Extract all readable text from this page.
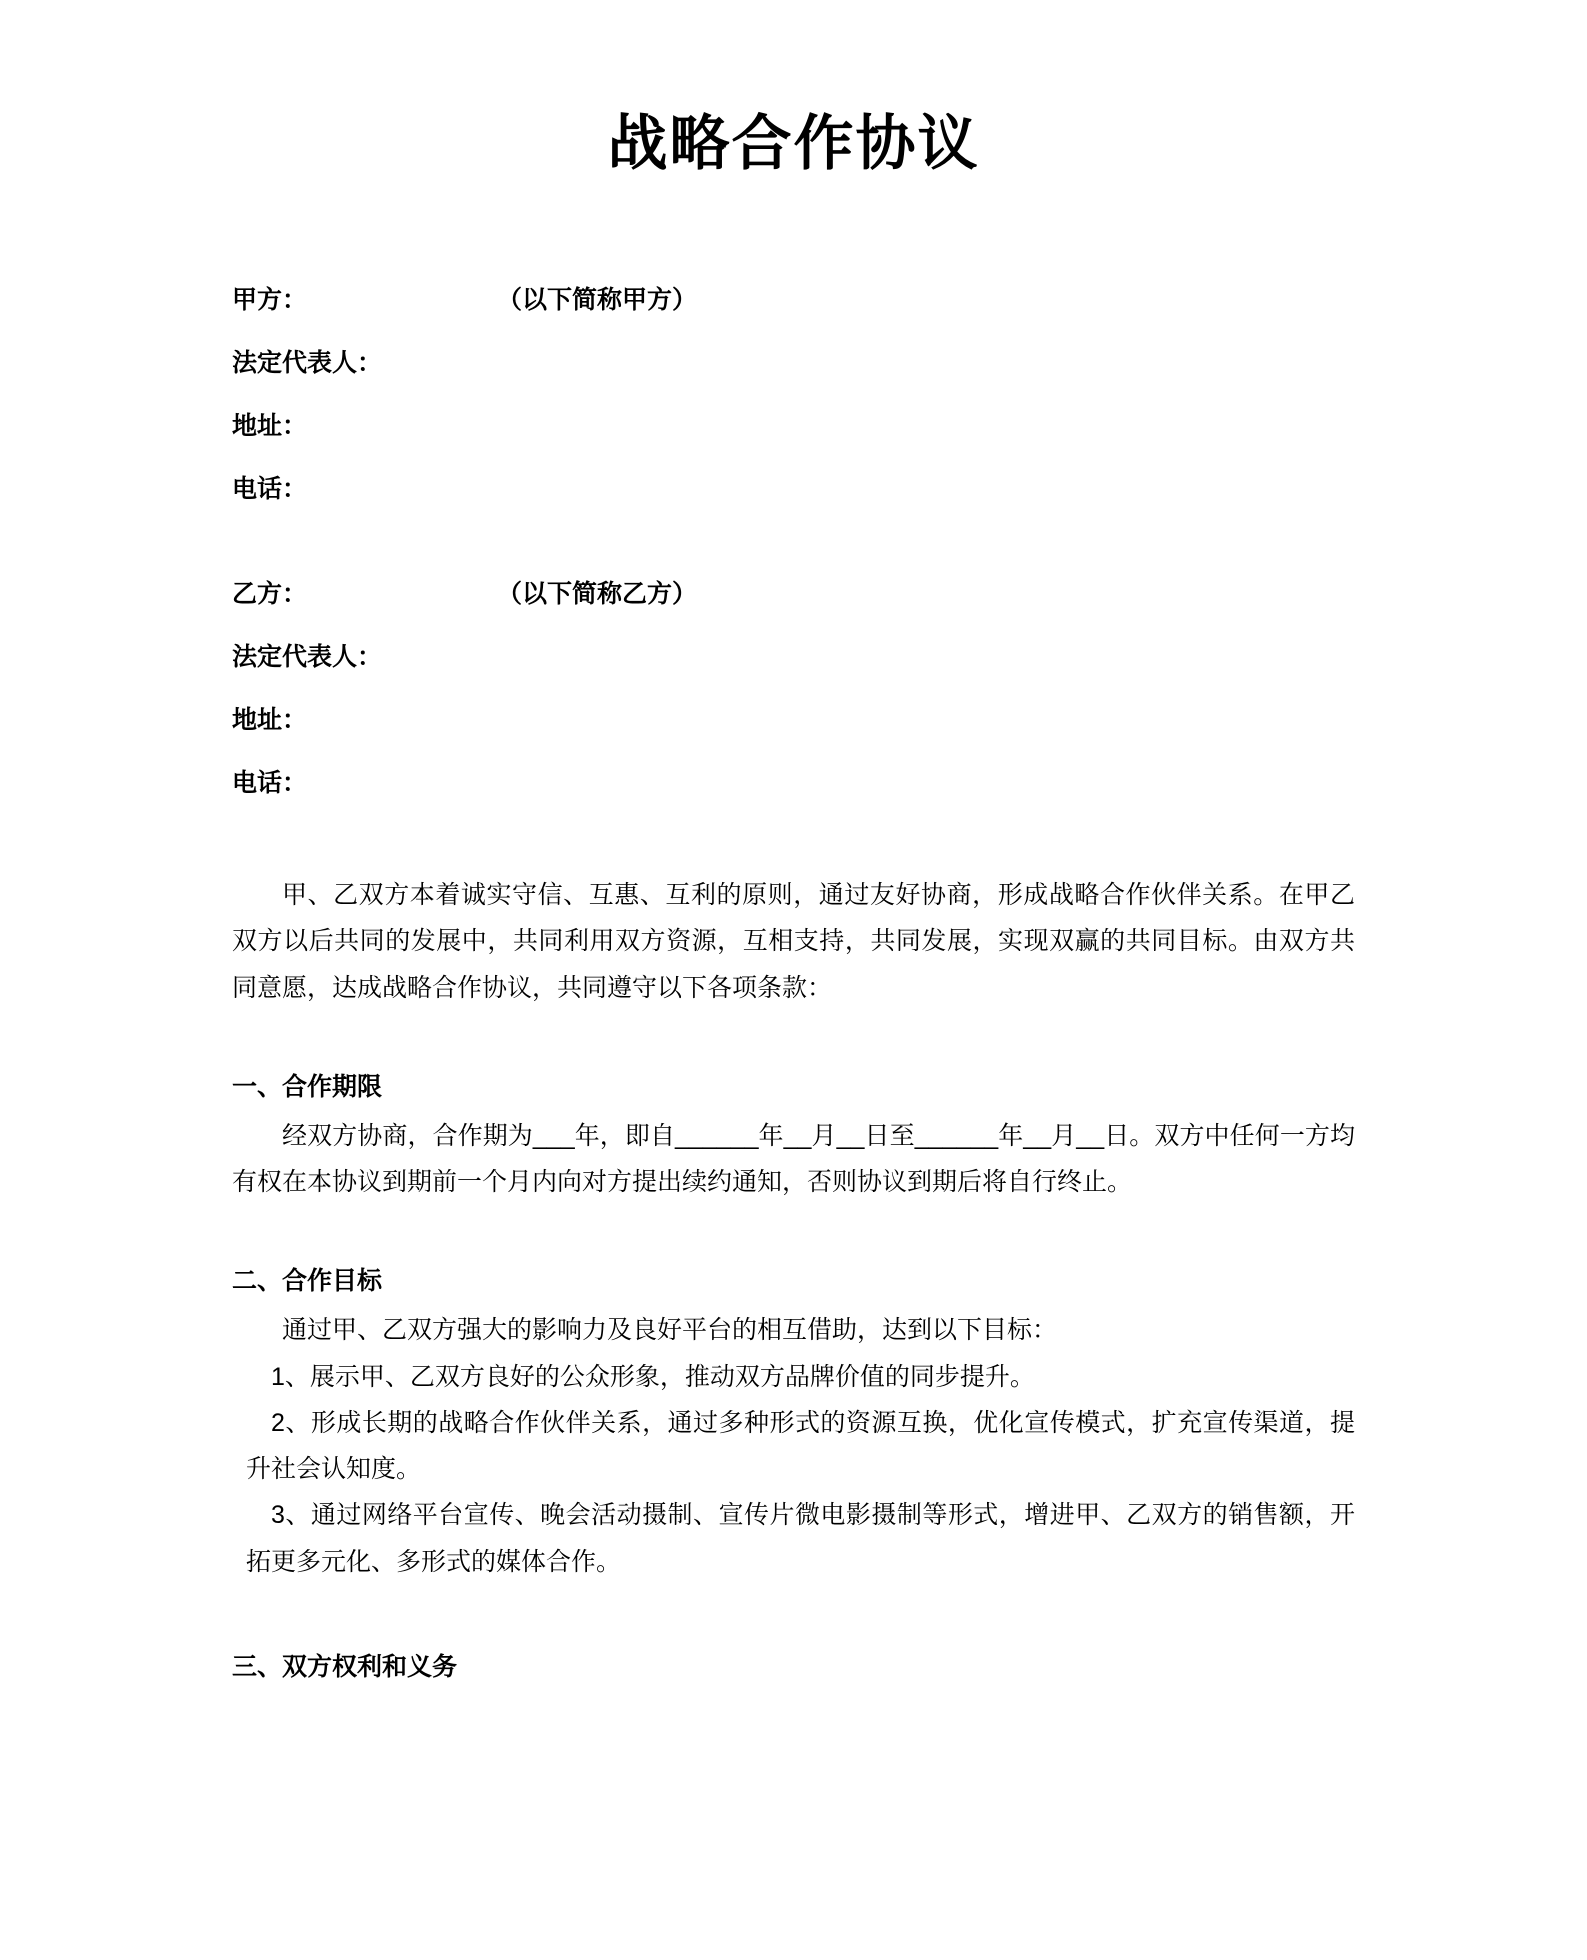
战略合作协议
甲方：	（以下简称甲方）
法定代表人：
地址：
电话：
乙方：	（以下简称乙方）
法定代表人：
地址：
电话：

甲、乙双方本着诚实守信、互惠、互利的原则，通过友好协商，形成战略合作伙伴关系。在甲乙双方以后共同的发展中，共同利用双方资源，互相支持，共同发展，实现双赢的共同目标。由双方共同意愿，达成战略合作协议，共同遵守以下各项条款：

一、合作期限

经双方协商，合作期为___年，即自______年__月__日至______年__月__日。双方中任何一方均有权在本协议到期前一个月内向对方提出续约通知，否则协议到期后将自行终止。

二、合作目标

通过甲、乙双方强大的影响力及良好平台的相互借助，达到以下目标：

1、展示甲、乙双方良好的公众形象，推动双方品牌价值的同步提升。

2、形成长期的战略合作伙伴关系，通过多种形式的资源互换，优化宣传模式，扩充宣传渠道，提升社会认知度。

3、通过网络平台宣传、晚会活动摄制、宣传片微电影摄制等形式，增进甲、乙双方的销售额，开拓更多元化、多形式的媒体合作。

三、双方权利和义务
